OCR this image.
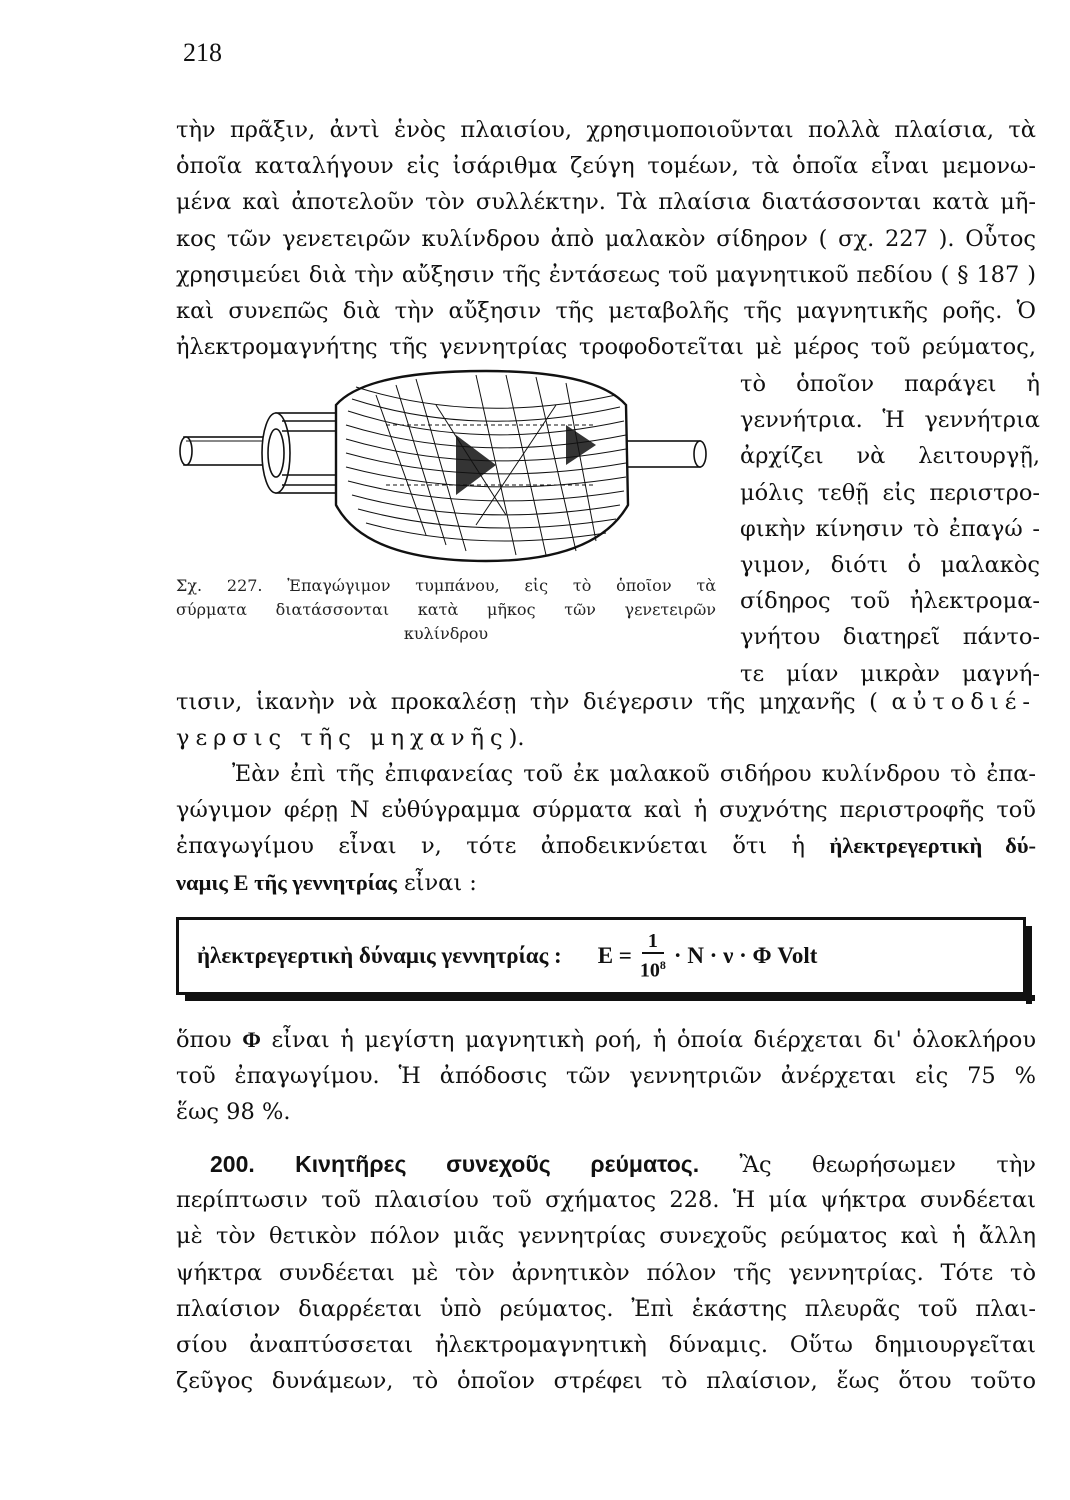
218
τὴν πρᾶξιν, ἀντὶ ἑνὸς πλαισίου, χρησιμοποιοῦνται πολλὰ πλαίσια, τὰ
ὁποῖα καταλήγουν εἰς ἰσάριθμα ζεύγη τομέων, τὰ ὁποῖα εἶναι μεμονω-
μένα καὶ ἀποτελοῦν τὸν συλλέκτην. Τὰ πλαίσια διατάσσονται κατὰ μῆ-
κος τῶν γενετειρῶν κυλίνδρου ἀπὸ μαλακὸν σίδηρον ( σχ. 227 ). Οὗτος
χρησιμεύει διὰ τὴν αὔξησιν τῆς ἐντάσεως τοῦ μαγνητικοῦ πεδίου ( § 187 )
καὶ συνεπῶς διὰ τὴν αὔξησιν τῆς μεταβολῆς τῆς μαγνητικῆς ροῆς. Ὁ
ἠλεκτρομαγνήτης τῆς γεννητρίας τροφοδοτεῖται μὲ μέρος τοῦ ρεύματος,
τὸ ὁποῖον παράγει ἡ
γεννήτρια. Ἡ γεννήτρια
ἀρχίζει νὰ λειτουργῇ,
μόλις τεθῇ εἰς περιστρο-
φικὴν κίνησιν τὸ ἐπαγώ -
γιμον, διότι ὁ μαλακὸς
σίδηρος τοῦ ἠλεκτρομα-
γνήτου διατηρεῖ πάντο-
τε μίαν μικρὰν μαγνή-
Σχ. 227. Ἐπαγώγιμον τυμπάνου, εἰς τὸ ὁποῖον τὰ
σύρματα διατάσσονται κατὰ μῆκος τῶν γενετειρῶν
κυλίνδρου
τισιν, ἱκανὴν νὰ προκαλέσῃ τὴν διέγερσιν τῆς μηχανῆς ( αὐτοδιέ-
γερσις τῆς μηχανῆς).
Ἐὰν ἐπὶ τῆς ἐπιφανείας τοῦ ἐκ μαλακοῦ σιδήρου κυλίνδρου τὸ ἐπα-
γώγιμον φέρῃ N εὐθύγραμμα σύρματα καὶ ἡ συχνότης περιστροφῆς τοῦ
ἐπαγωγίμου εἶναι ν, τότε ἀποδεικνύεται ὅτι ἡ ἠλεκτρεγερτικὴ δύ-
ναμις E τῆς γεννητρίας εἶναι :
ἠλεκτρεγερτικὴ δύναμις γεννητρίας : $E = \frac{1}{10^8} \cdot N \cdot \nu \cdot \Phi$ Volt
ὅπου Φ εἶναι ἡ μεγίστη μαγνητικὴ ροή, ἡ ὁποία διέρχεται δι' ὁλοκλήρου
τοῦ ἐπαγωγίμου. Ἡ ἀπόδοσις τῶν γεννητριῶν ἀνέρχεται εἰς 75 %
ἕως 98 %.
200. Κινητῆρες συνεχοῦς ρεύματος. Ἂς θεωρήσωμεν τὴν
περίπτωσιν τοῦ πλαισίου τοῦ σχήματος 228. Ἡ μία ψήκτρα συνδέεται
μὲ τὸν θετικὸν πόλον μιᾶς γεννητρίας συνεχοῦς ρεύματος καὶ ἡ ἄλλη
ψήκτρα συνδέεται μὲ τὸν ἀρνητικὸν πόλον τῆς γεννητρίας. Τότε τὸ
πλαίσιον διαρρέεται ὑπὸ ρεύματος. Ἐπὶ ἑκάστης πλευρᾶς τοῦ πλαι-
σίου ἀναπτύσσεται ἠλεκτρομαγνητικὴ δύναμις. Οὕτω δημιουργεῖται
ζεῦγος δυνάμεων, τὸ ὁποῖον στρέφει τὸ πλαίσιον, ἕως ὅτου τοῦτο
